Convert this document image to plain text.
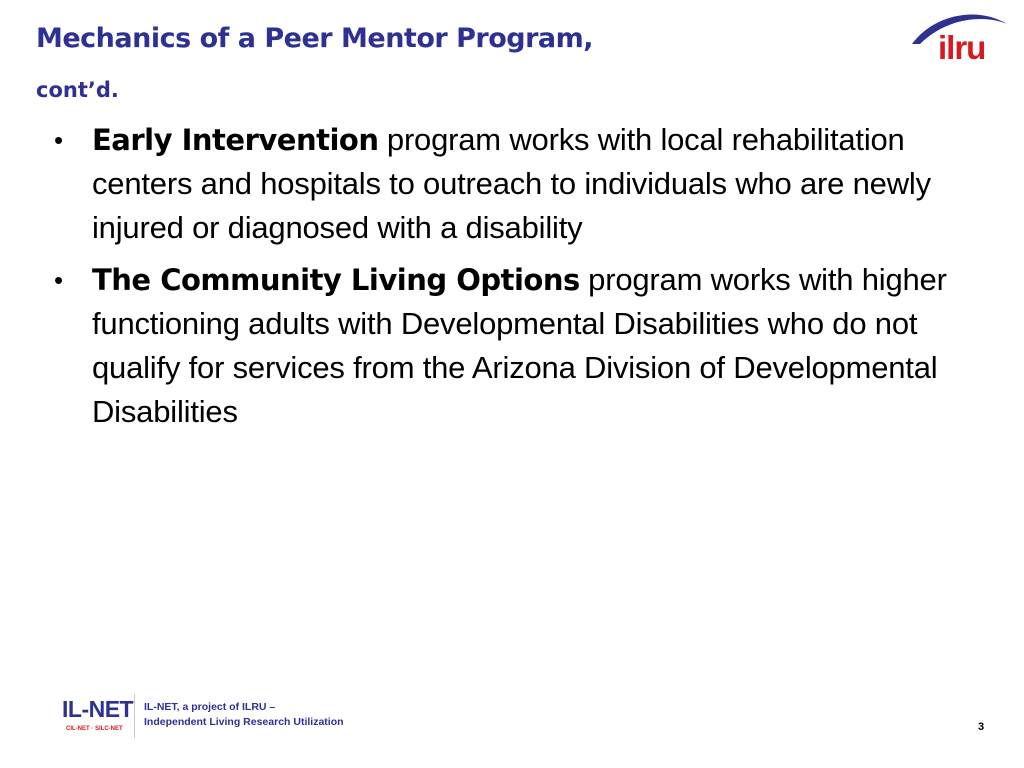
Mechanics of a Peer Mentor Program,
cont’d.
ilru
• Early Intervention program works with local rehabilitation centers and hospitals to outreach to individuals who are newly injured or diagnosed with a disability
• The Community Living Options program works with higher functioning adults with Developmental Disabilities who do not qualify for services from the Arizona Division of Developmental Disabilities
IL-NET
CIL-NET · SILC-NET
IL-NET, a project of ILRU –
Independent Living Research Utilization	3
